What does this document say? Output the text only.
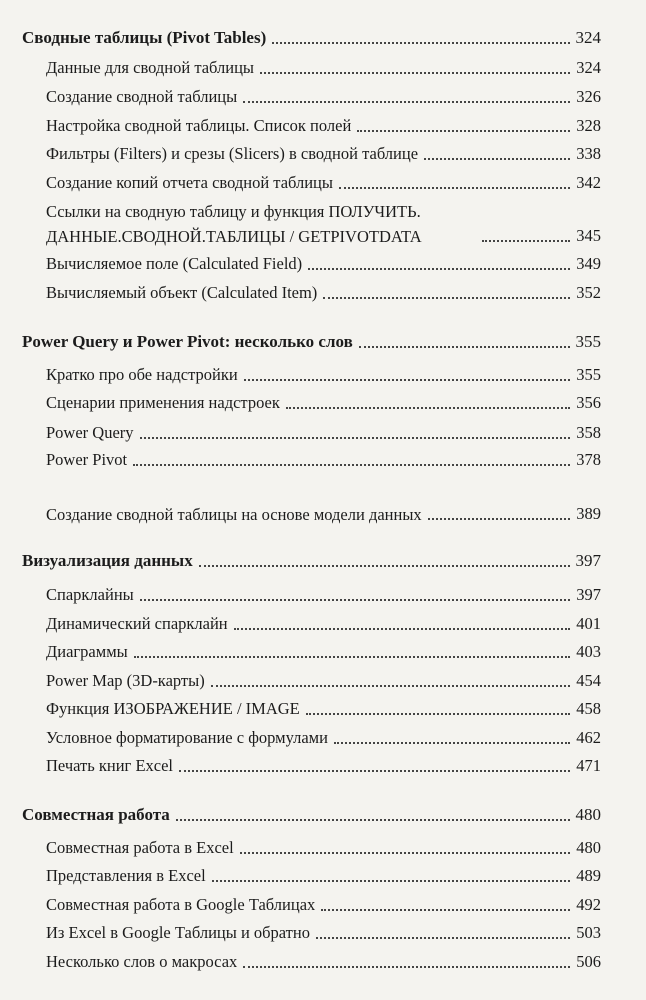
Сводные таблицы (Pivot Tables)	324
Данные для сводной таблицы	324
Создание сводной таблицы	326
Настройка сводной таблицы. Список полей	328
Фильтры (Filters) и срезы (Slicers) в сводной таблице	338
Создание копий отчета сводной таблицы	342
Ссылки на сводную таблицу и функция ПОЛУЧИТЬ. ДАННЫЕ.СВОДНОЙ.ТАБЛИЦЫ / GETPIVOTDATA	345
Вычисляемое поле (Calculated Field)	349
Вычисляемый объект (Calculated Item)	352
Power Query и Power Pivot: несколько слов	355
Кратко про обе надстройки	355
Сценарии применения надстроек	356
Power Query	358
Power Pivot	378
Создание сводной таблицы на основе модели данных	389
Визуализация данных	397
Спарклайны	397
Динамический спарклайн	401
Диаграммы	403
Power Map (3D-карты)	454
Функция ИЗОБРАЖЕНИЕ / IMAGE	458
Условное форматирование с формулами	462
Печать книг Excel	471
Совместная работа	480
Совместная работа в Excel	480
Представления в Excel	489
Совместная работа в Google Таблицах	492
Из Excel в Google Таблицы и обратно	503
Несколько слов о макросах	506
